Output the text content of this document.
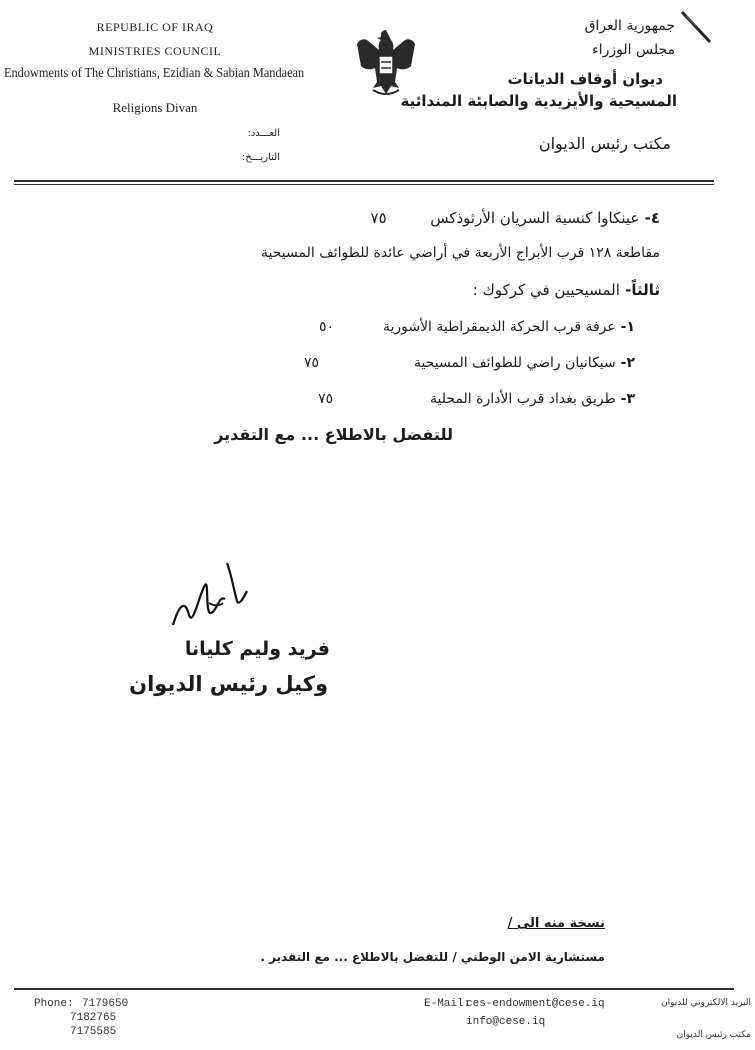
REPUBLIC OF IRAQ
MINISTRIES COUNCIL
Endowments of The Christians, Ezidian & Sabian Mandaean
Religions Divan
جمهورية العراق
مجلس الوزراء
ديوان أوقاف الديانات
المسيحية والأيزيدية والصابئة المندائية
مكتب رئيس الديوان
العـــدد:
التاريـــخ:
٤- عينكاوا كنسية السريان الأرثوذكس  ٧٥
مقاطعة ١٢٨ قرب الأبراج الأربعة في أراضي عائدة للطوائف المسيحية
ثالثاً- المسيحيين في كركوك :
١- عرفة قرب الحركة الديمقراطية الأشورية  ٥٠
٢- سيكانيان راضي للطوائف المسيحية  ٧٥
٣- طريق بغداد قرب الأدارة المحلية  ٧٥
للتفضل بالاطلاع ... مع التقدير
فريد وليم كليانا
وكيل رئيس الديوان
نسخة منه الى /
مستشارية الامن الوطني / للتفضل بالاطلاع ... مع التقدير .
Phone: 7179650
7182765
7175585
E-Mail:
ces-endowment@cese.iq
info@cese.iq
البريد الالكتروني للديوان
مكتب رئيس الديوان
